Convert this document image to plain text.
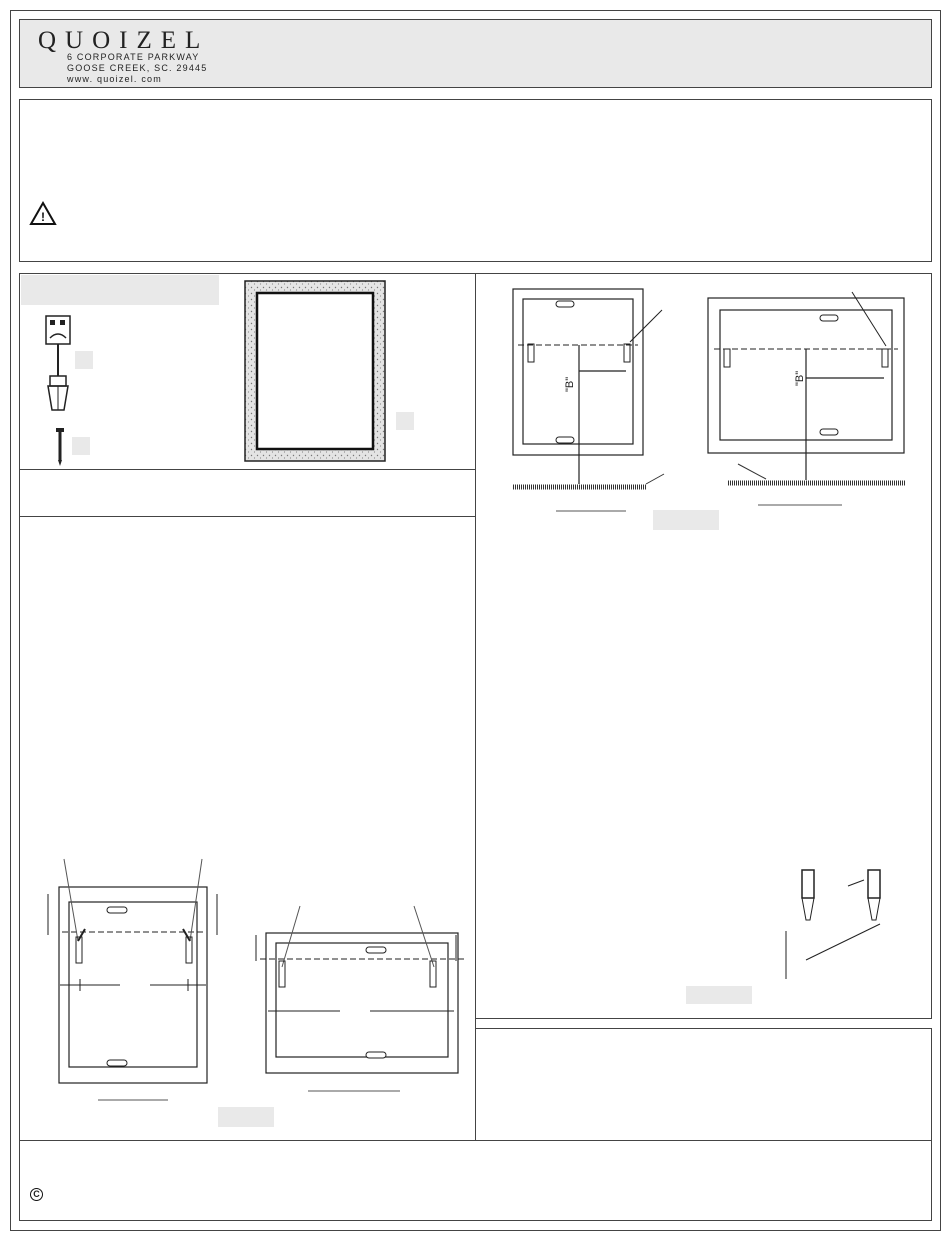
QUOIZEL
6 CORPORATE PARKWAY
GOOSE CREEK, SC. 29445
www. quoizel. com
!
"B"	"B"
C
